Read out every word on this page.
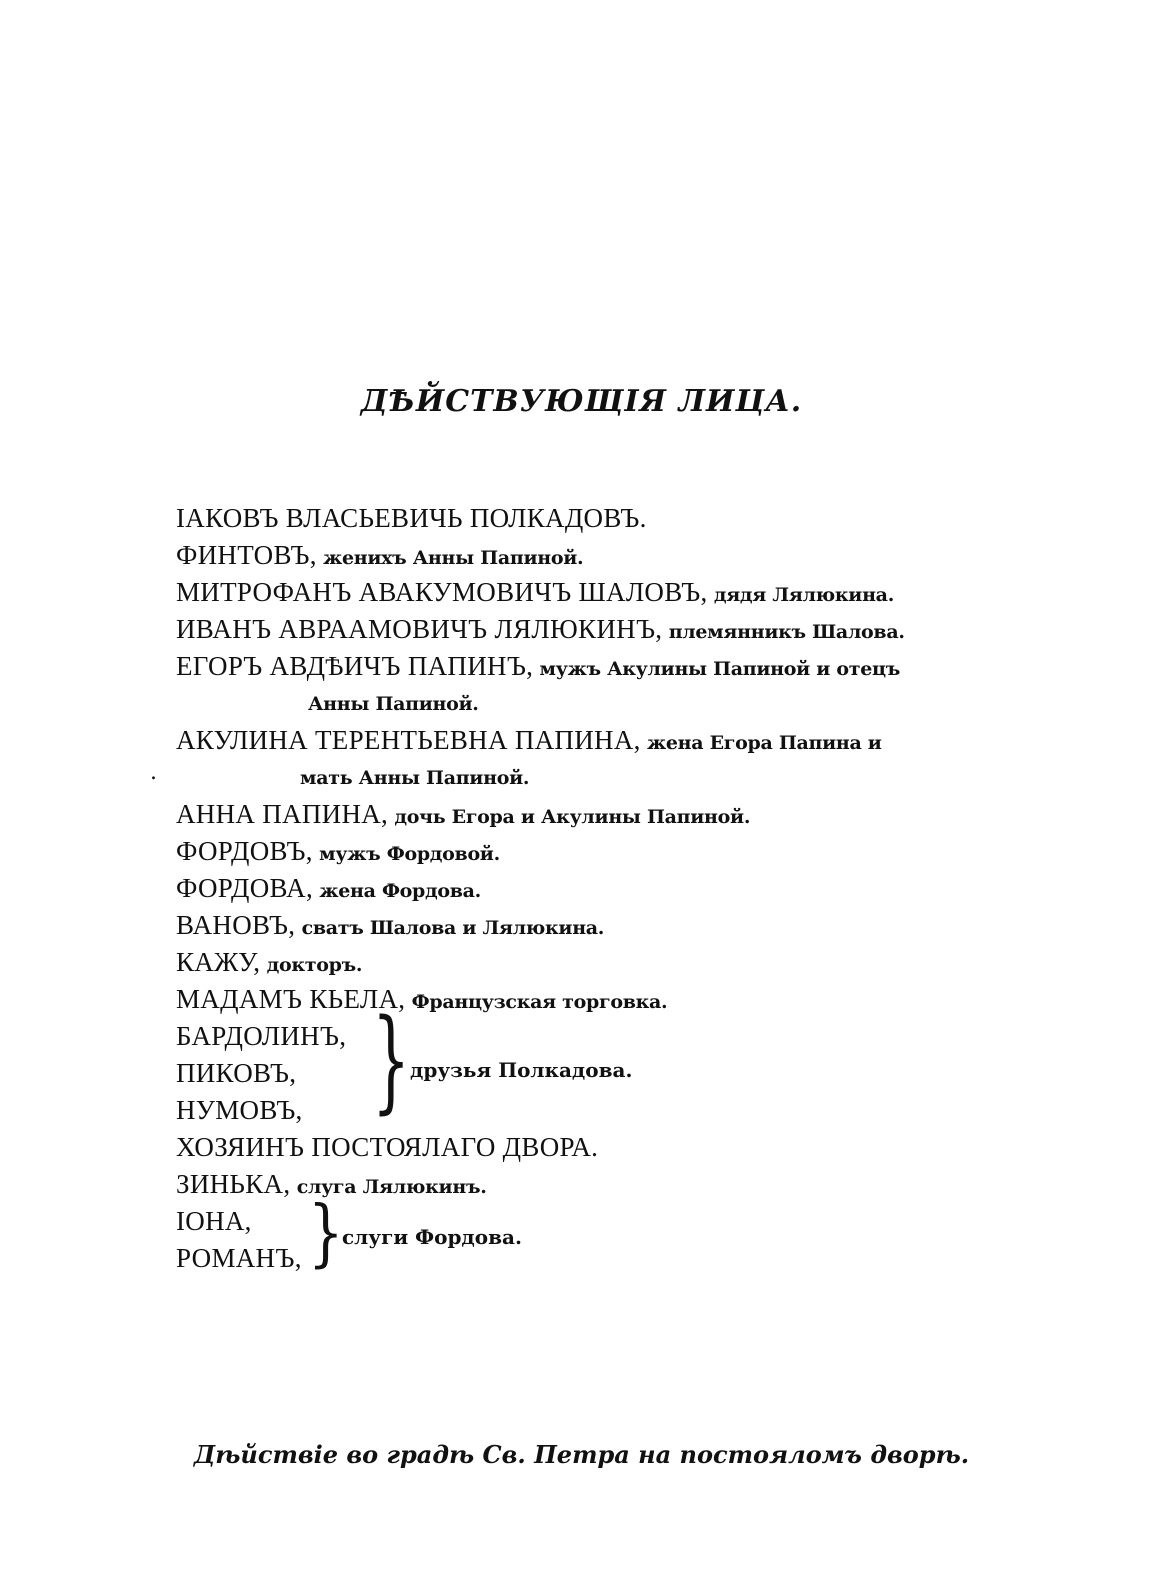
ДѢЙСТВУЮЩІЯ ЛИЦА.
.
ІАКОВЪ ВЛАСЬЕВИЧЬ ПОЛКАДОВЪ.
ФИНТОВЪ, женихъ Анны Папиной.
МИТРОФАНЪ АВАКУМОВИЧЪ ШАЛОВЪ, дядя Лялюкина.
ИВАНЪ АВРААМОВИЧЪ ЛЯЛЮКИНЪ, племянникъ Шалова.
ЕГОРЪ АВДѢИЧЪ ПАПИНЪ, мужъ Акулины Папиной и отецъ
Анны Папиной.
АКУЛИНА ТЕРЕНТЬЕВНА ПАПИНА, жена Егора Папина и
мать Анны Папиной.
АННА ПАПИНА, дочь Егора и Акулины Папиной.
ФОРДОВЪ, мужъ Фордовой.
ФОРДОВА, жена Фордова.
ВАНОВЪ, сватъ Шалова и Лялюкина.
КАЖУ, докторъ.
МАДАМЪ КЬЕЛА, Французская торговка.
БАРДОЛИНЪ,
ПИКОВЪ,
НУМОВЪ,	} друзья Полкадова.
ХОЗЯИНЪ ПОСТОЯЛАГО ДВОРА.
ЗИНЬКА, слуга Лялюкинъ.
ІОНА,
РОМАНЪ, }
слуги Фордова.
Дѣйствіе во градѣ Св. Петра на постояломъ дворѣ.
